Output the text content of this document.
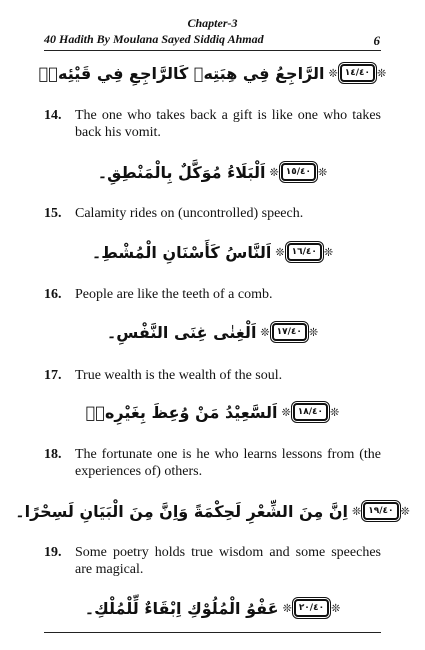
Chapter-3
40 Hadith By Moulana Sayed Siddiq Ahmad	6
❊ ١٤/٤٠ ❊
الرَّاجِعُ فِي هِبَتِهٖ كَالرَّاجِعِ فِي قَيْئِهٖ۔
14. The one who takes back a gift is like one who takes back his vomit.
❊ ١٥/٤٠ ❊
اَلْبَلَاءُ مُوَكَّلٌ بِالْمَنْطِقِ۔
15. Calamity rides on (uncontrolled) speech.
❊ ١٦/٤٠ ❊
اَلنَّاسُ كَأَسْنَانِ الْمُشْطِ۔
16. People are like the teeth of a comb.
❊ ١٧/٤٠ ❊
اَلْغِنٰى غِنَى النَّفْسِ۔
17. True wealth is the wealth of the soul.
❊ ١٨/٤٠ ❊
اَلسَّعِيْدُ مَنْ وُعِظَ بِغَيْرِهٖ۔
18. The fortunate one is he who learns lessons from (the experiences of) others.
❊ ١٩/٤٠ ❊
اِنَّ مِنَ الشِّعْرِ لَحِكْمَةً وَاِنَّ مِنَ الْبَيَانِ لَسِحْرًا۔
19. Some poetry holds true wisdom and some speeches are magical.
❊ ٢٠/٤٠ ❊
عَفْوُ الْمُلُوْكِ اِبْقَاءٌ لِّلْمُلْكِ۔
